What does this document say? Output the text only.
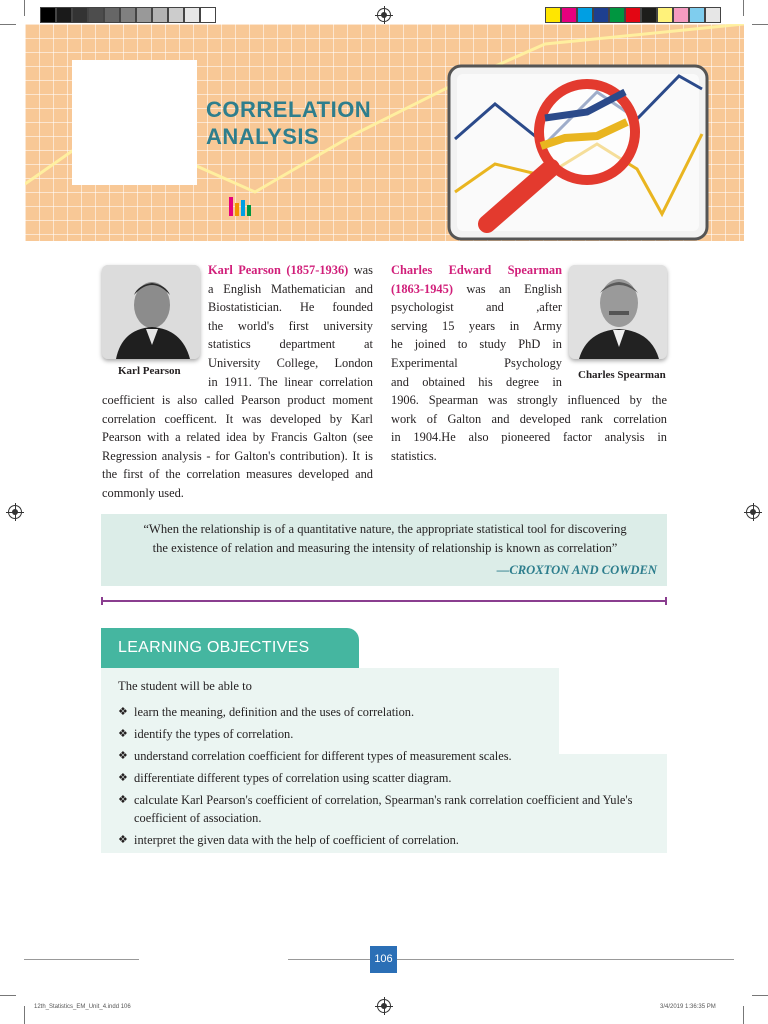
CORRELATION
ANALYSIS
Karl Pearson
Karl Pearson (1857-1936) was
a English Mathematician and
Biostatistician. He founded
the world's first university
statistics department at
University College, London
in 1911. The linear correlation
coefficient is also called Pearson product moment
correlation coefficent. It was developed by Karl
Pearson with a related idea by Francis Galton (see
Regression analysis - for Galton's contribution). It is
the first of the correlation measures developed and
commonly used.
Charles Edward Spearman
(1863-1945) was an English
psychologist and ,after
serving 15 years in Army
he joined to study PhD in
Experimental Psychology
and obtained his degree in
1906. Spearman was strongly influenced by the
work of Galton and developed rank correlation
in 1904.He also pioneered factor analysis in
statistics.
Charles Spearman
“When the relationship is of a quantitative nature, the appropriate statistical tool for discovering
the existence of relation and measuring the intensity of relationship is known as correlation”
—CROXTON AND COWDEN
LEARNING OBJECTIVES
The student will be able to
❖ learn the meaning, definition and the uses of correlation.
❖ identify the types of correlation.
❖ understand correlation coefficient for different types of measurement scales.
❖ differentiate different types of correlation using scatter diagram.
❖ calculate Karl Pearson's coefficient of correlation, Spearman's rank correlation coefficient and Yule's coefficient of association.
❖ interpret the given data with the help of coefficient of correlation.
106
12th_Statistics_EM_Unit_4.indd 106	3/4/2019 1:36:35 PM
